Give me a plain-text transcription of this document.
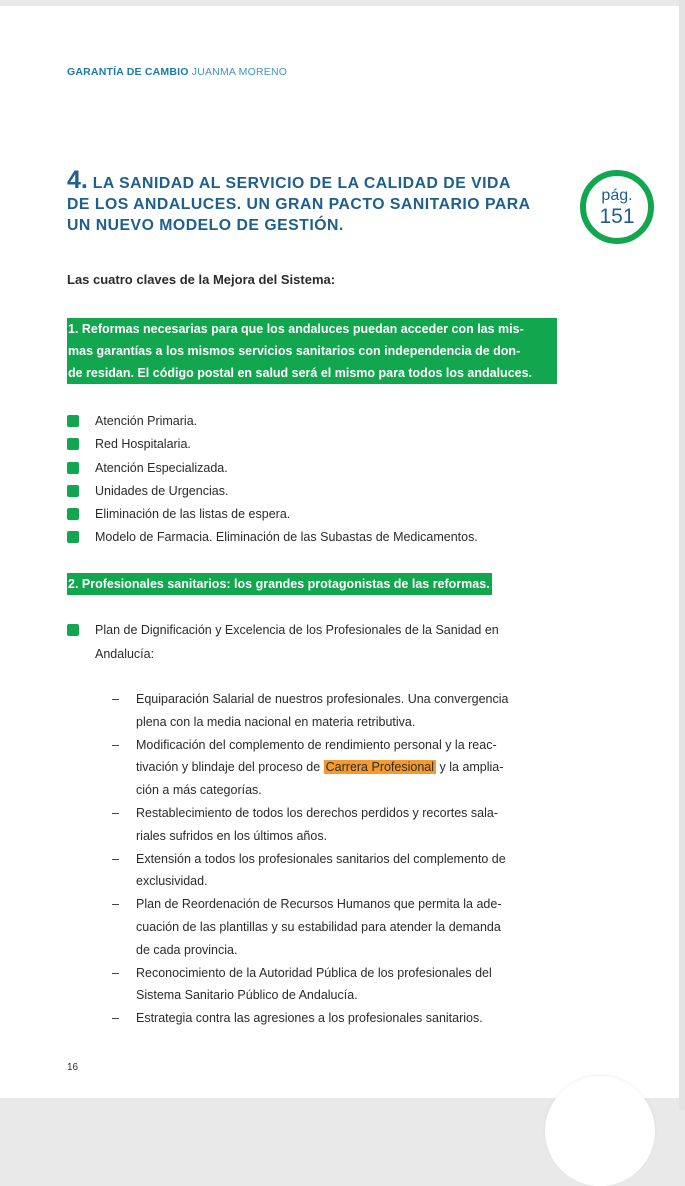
GARANTÍA DE CAMBIO JUANMA MORENO
4. LA SANIDAD AL SERVICIO DE LA CALIDAD DE VIDA
DE LOS ANDALUCES. UN GRAN PACTO SANITARIO PARA
UN NUEVO MODELO DE GESTIÓN.
pág.
151
Las cuatro claves de la Mejora del Sistema:
1. Reformas necesarias para que los andaluces puedan acceder con las mis-
mas garantías a los mismos servicios sanitarios con independencia de don-
de residan. El código postal en salud será el mismo para todos los andaluces.
Atención Primaria.
Red Hospitalaria.
Atención Especializada.
Unidades de Urgencias.
Eliminación de las listas de espera.
Modelo de Farmacia. Eliminación de las Subastas de Medicamentos.
2. Profesionales sanitarios: los grandes protagonistas de las reformas.
Plan de Dignificación y Excelencia de los Profesionales de la Sanidad en
Andalucía:
– Equiparación Salarial de nuestros profesionales. Una convergencia
plena con la media nacional en materia retributiva.
– Modificación del complemento de rendimiento personal y la reac-
tivación y blindaje del proceso de Carrera Profesional y la amplia-
ción a más categorías.
– Restablecimiento de todos los derechos perdidos y recortes sala-
riales sufridos en los últimos años.
– Extensión a todos los profesionales sanitarios del complemento de
exclusividad.
– Plan de Reordenación de Recursos Humanos que permita la ade-
cuación de las plantillas y su estabilidad para atender la demanda
de cada provincia.
– Reconocimiento de la Autoridad Pública de los profesionales del
Sistema Sanitario Público de Andalucía.
– Estrategia contra las agresiones a los profesionales sanitarios.
16
